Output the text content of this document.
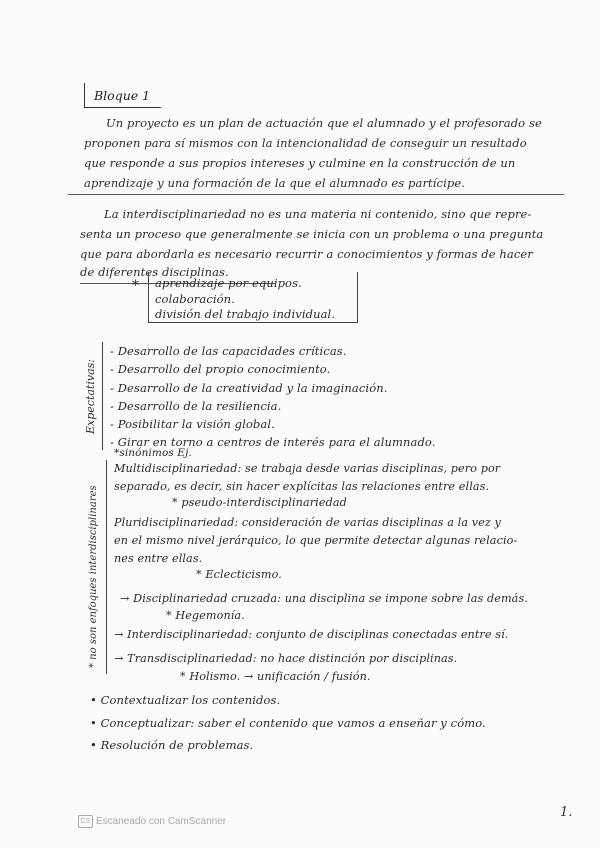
Bloque 1
Un proyecto es un plan de actuación que el alumnado y el profesorado se
proponen para sí mismos con la intencionalidad de conseguir un resultado
que responde a sus propios intereses y culmine en la construcción de un
aprendizaje y una formación de la que el alumnado es partícipe.
La interdisciplinariedad no es una materia ni contenido, sino que repre-
senta un proceso que generalmente se inicia con un problema o una pregunta
que para abordarla es necesario recurrir a conocimientos y formas de hacer
de diferentes disciplinas.
* aprendizaje por equipos.
colaboración.
división del trabajo individual.
Expectativas:
- Desarrollo de las capacidades críticas.
- Desarrollo del propio conocimiento.
- Desarrollo de la creatividad y la imaginación.
- Desarrollo de la resiliencia.
- Posibilitar la visión global.
- Girar en torno a centros de interés para el alumnado.
*sinónimos Ej.
* no son enfoques interdisciplinares
Multidisciplinariedad: se trabaja desde varias disciplinas, pero por
separado, es decir, sin hacer explícitas las relaciones entre ellas.
* pseudo-interdisciplinariedad
Pluridisciplinariedad: consideración de varias disciplinas a la vez y
en el mismo nivel jerárquico, lo que permite detectar algunas relacio-
nes entre ellas.
* Eclecticismo.
→ Disciplinariedad cruzada: una disciplina se impone sobre las demás.
* Hegemonía.
→ Interdisciplinariedad: conjunto de disciplinas conectadas entre sí.
→ Transdisciplinariedad: no hace distinción por disciplinas.
* Holismo. → unificación / fusión.
• Contextualizar los contenidos.
• Conceptualizar: saber el contenido que vamos a enseñar y cómo.
• Resolución de problemas.
1.
CS Escaneado con CamScanner
